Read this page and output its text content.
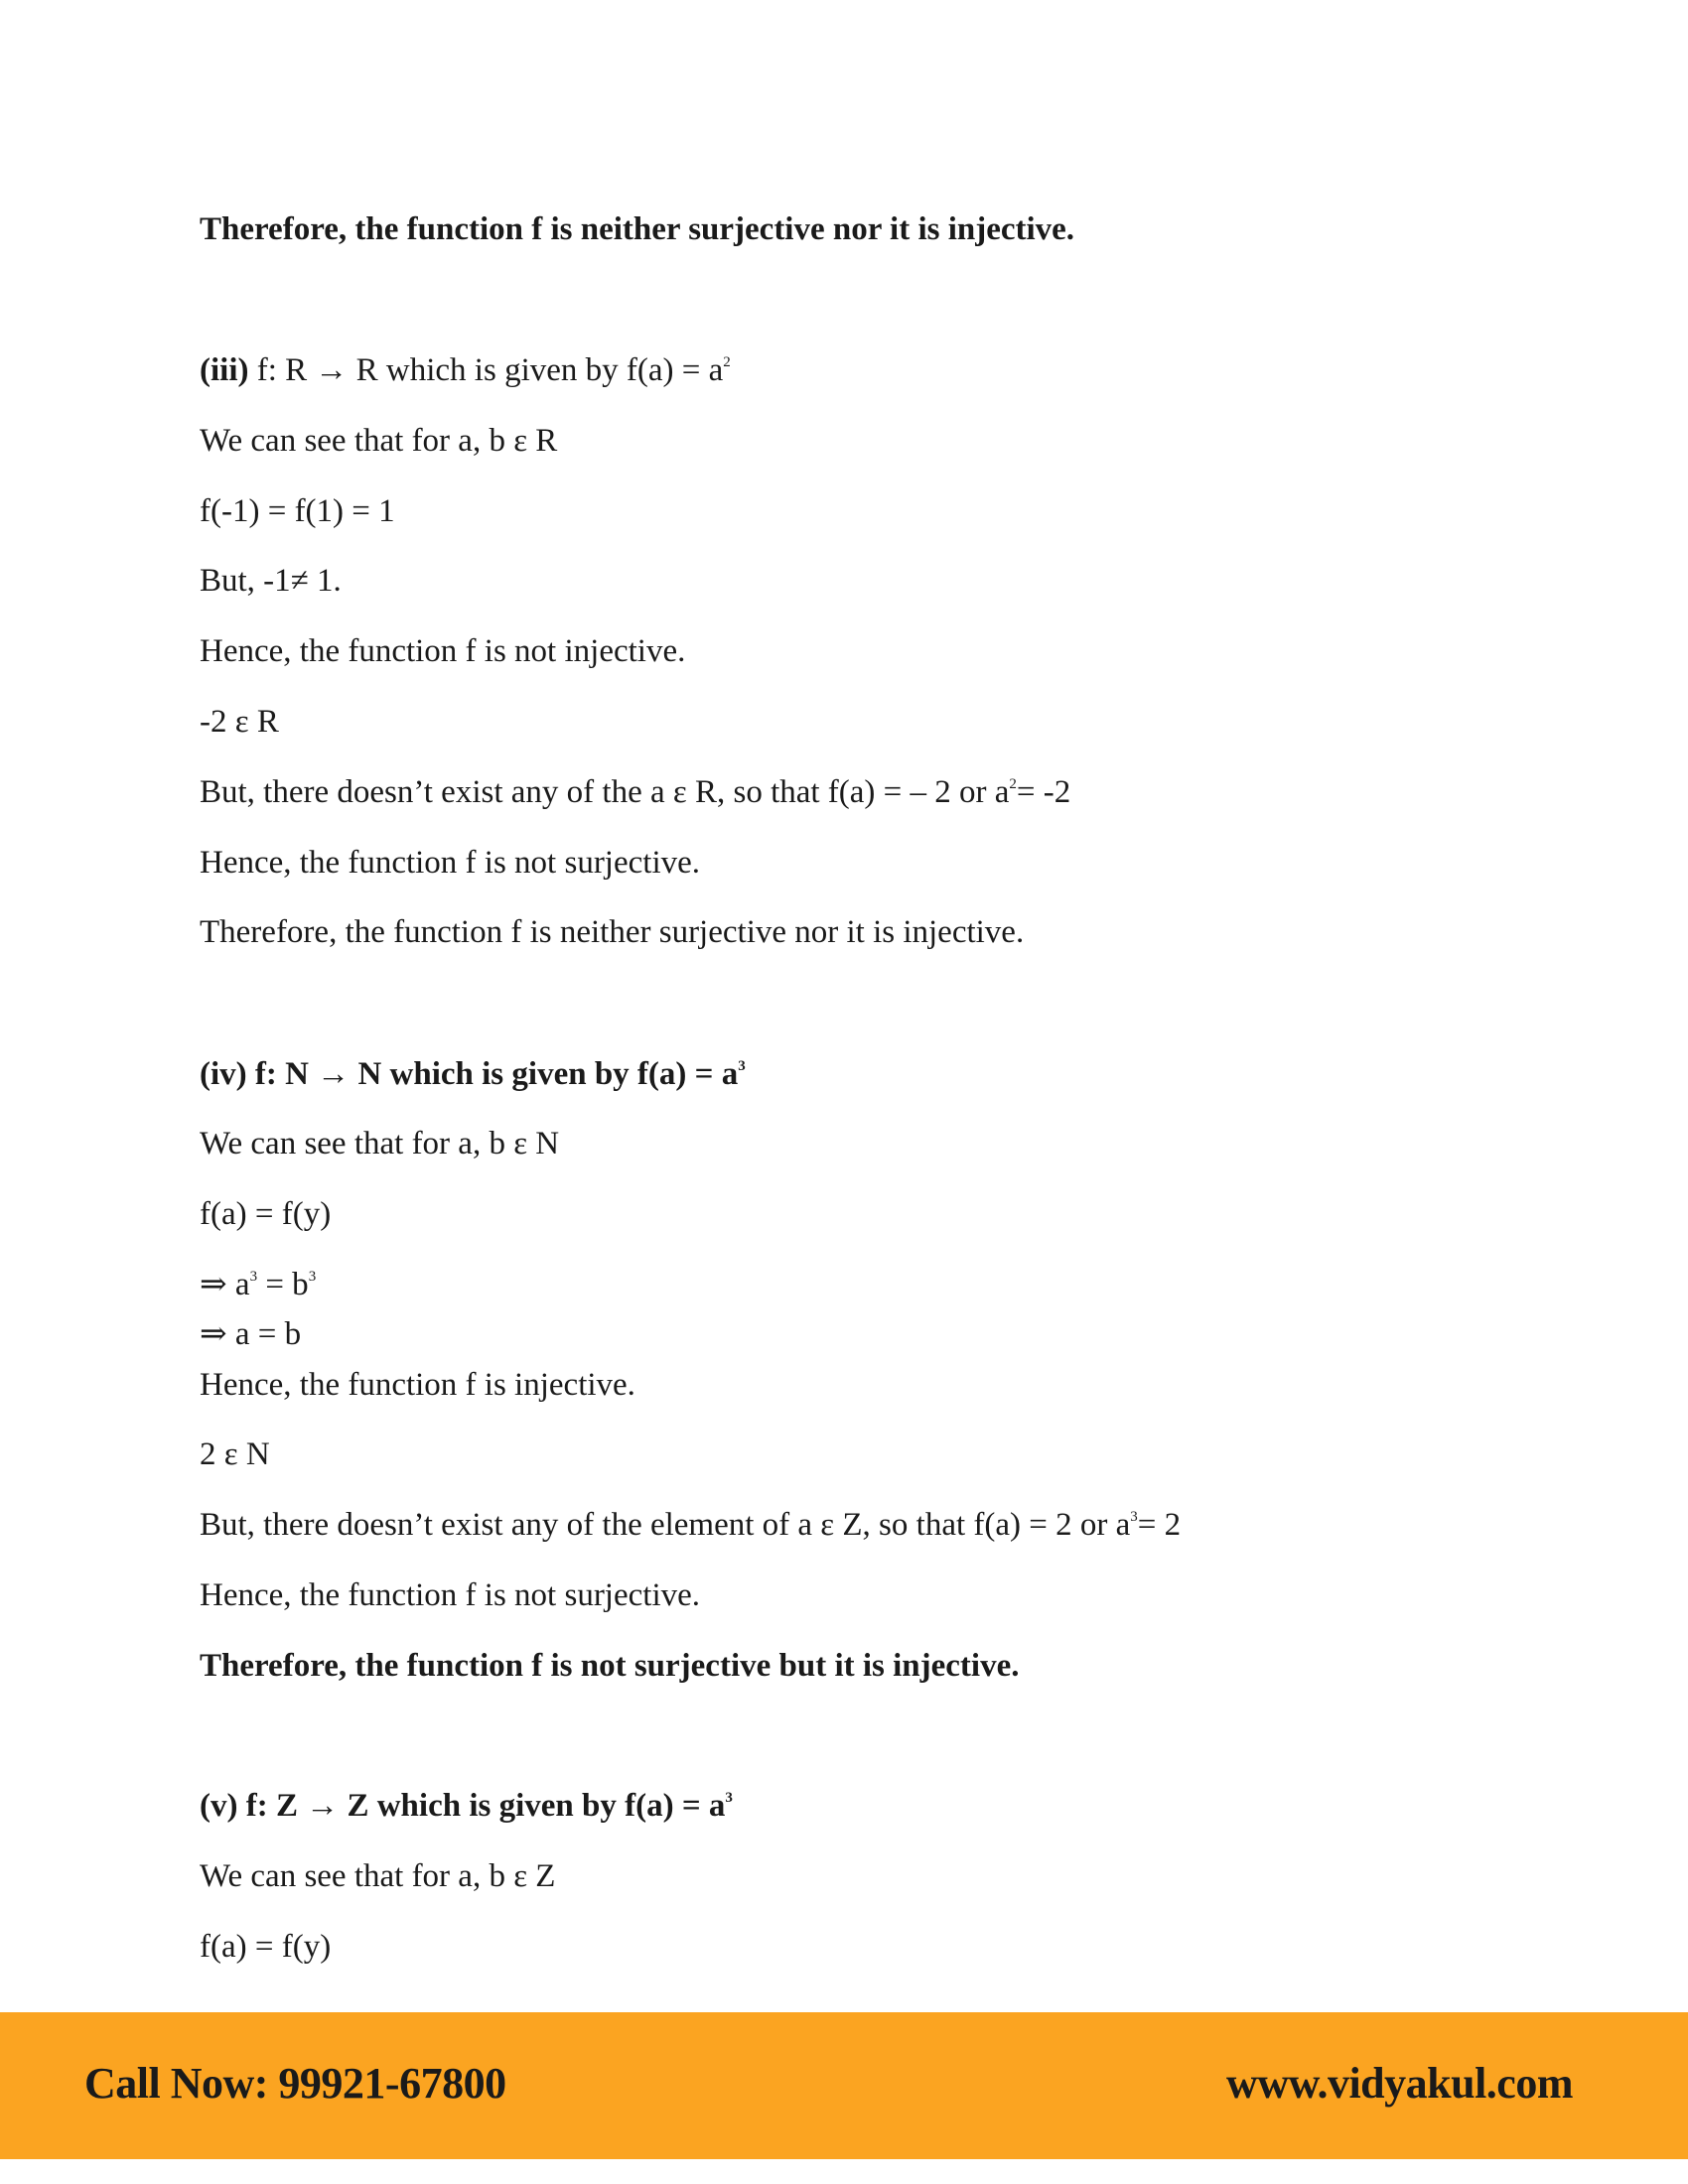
Therefore, the function f is neither surjective nor it is injective.
(iii) f: R → R which is given by $f(a) = a^2$
We can see that for a, b ε R
f(-1) = f(1) = 1
But, -1≠ 1.
Hence, the function f is not injective.
-2 ε R
But, there doesn’t exist any of the a ε R, so that f(a) = – 2 or $a^2= -2$
Hence, the function f is not surjective.
Therefore, the function f is neither surjective nor it is injective.
(iv) f: N → N which is given by $f(a) = a^3$
We can see that for a, b ε N
f(a) = f(y)
⇒ $a^3 = b^3$
⇒ a = b
Hence, the function f is injective.
2 ε N
But, there doesn’t exist any of the element of a ε Z, so that f(a) = 2 or $a^3= 2$
Hence, the function f is not surjective.
Therefore, the function f is not surjective but it is injective.
(v) f: Z → Z which is given by $f(a) = a^3$
We can see that for a, b ε Z
f(a) = f(y)
Call Now: 99921-67800	www.vidyakul.com
